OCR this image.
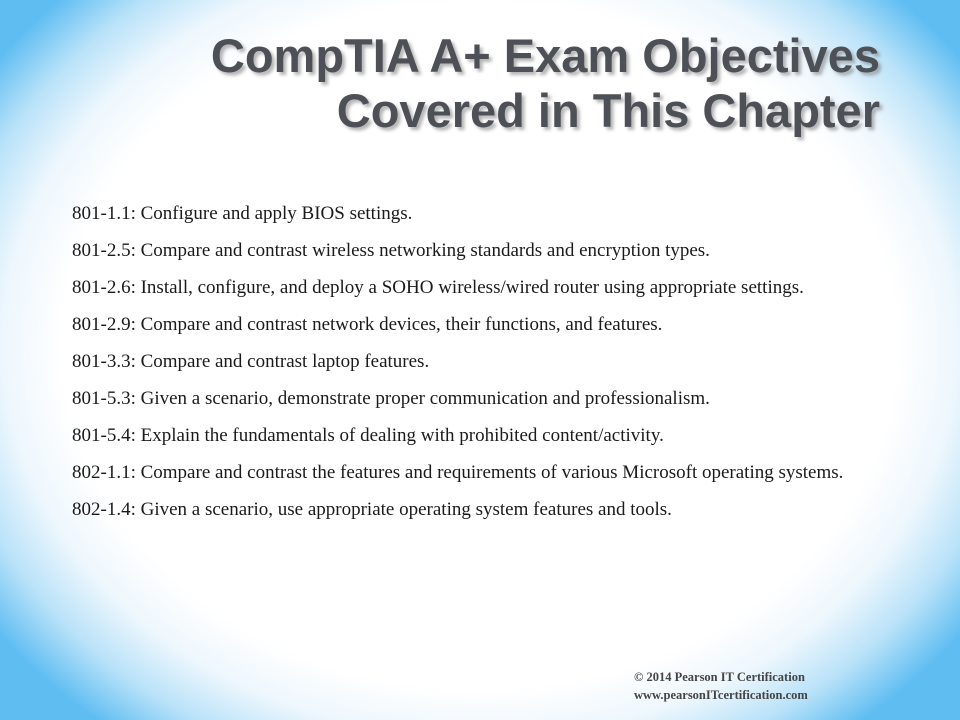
CompTIA A+ Exam Objectives
Covered in This Chapter
801-1.1: Configure and apply BIOS settings.
801-2.5: Compare and contrast wireless networking standards and encryption types.
801-2.6: Install, configure, and deploy a SOHO wireless/wired router using appropriate settings.
801-2.9: Compare and contrast network devices, their functions, and features.
801-3.3: Compare and contrast laptop features.
801-5.3: Given a scenario, demonstrate proper communication and professionalism.
801-5.4: Explain the fundamentals of dealing with prohibited content/activity.
802-1.1: Compare and contrast the features and requirements of various Microsoft operating systems.
802-1.4: Given a scenario, use appropriate operating system features and tools.
© 2014 Pearson IT Certification
www.pearsonITcertification.com
